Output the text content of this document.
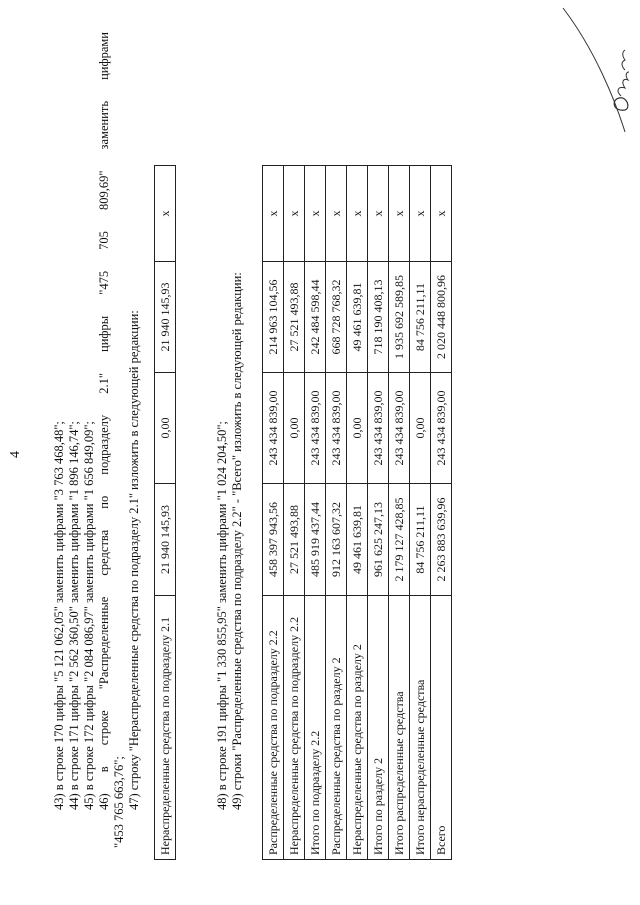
4 43) в строке 170 цифры "5 121 062,05" заменить цифрами "3 763 468,48"; 44) в строке 171 цифры "2 562 360,50" заменить цифрами "1 896 146,74"; 45) в строке 172 цифры "2 084 086,97" заменить цифрами "1 656 849,09"; 46) в строке "Распределенные средства по подразделу 2.1" цифры "475 705 809,69" заменить цифрами "453 765 663,76"; 47) строку "Нераспределенные средства по подразделу 2.1" изложить в следующей редакции: Нераспределенные средства по подразделу 2.1	21 940 145,93	0,00	21 940 145,93	x
48) в строке 191 цифры "1 330 855,95" заменить цифрами "1 024 204,50"; 49) строки "Распределенные средства по подразделу 2.2" - "Всего" изложить в следующей редакции: Распределенные средства по подразделу 2.2	458 397 943,56	243 434 839,00	214 963 104,56	x
Нераспределенные средства по подразделу 2.2	27 521 493,88	0,00	27 521 493,88	x
Итого по подразделу 2.2	485 919 437,44	243 434 839,00	242 484 598,44	x
Распределенные средства по разделу 2	912 163 607,32	243 434 839,00	668 728 768,32	x
Нераспределенные средства по разделу 2	49 461 639,81	0,00	49 461 639,81	x
Итого по разделу 2	961 625 247,13	243 434 839,00	718 190 408,13	x
Итого распределенные средства	2 179 127 428,85	243 434 839,00	1 935 692 589,85	x
Итого нераспределенные средства	84 756 211,11	0,00	84 756 211,11	x
Всего	2 263 883 639,96	243 434 839,00	2 020 448 800,96	x
